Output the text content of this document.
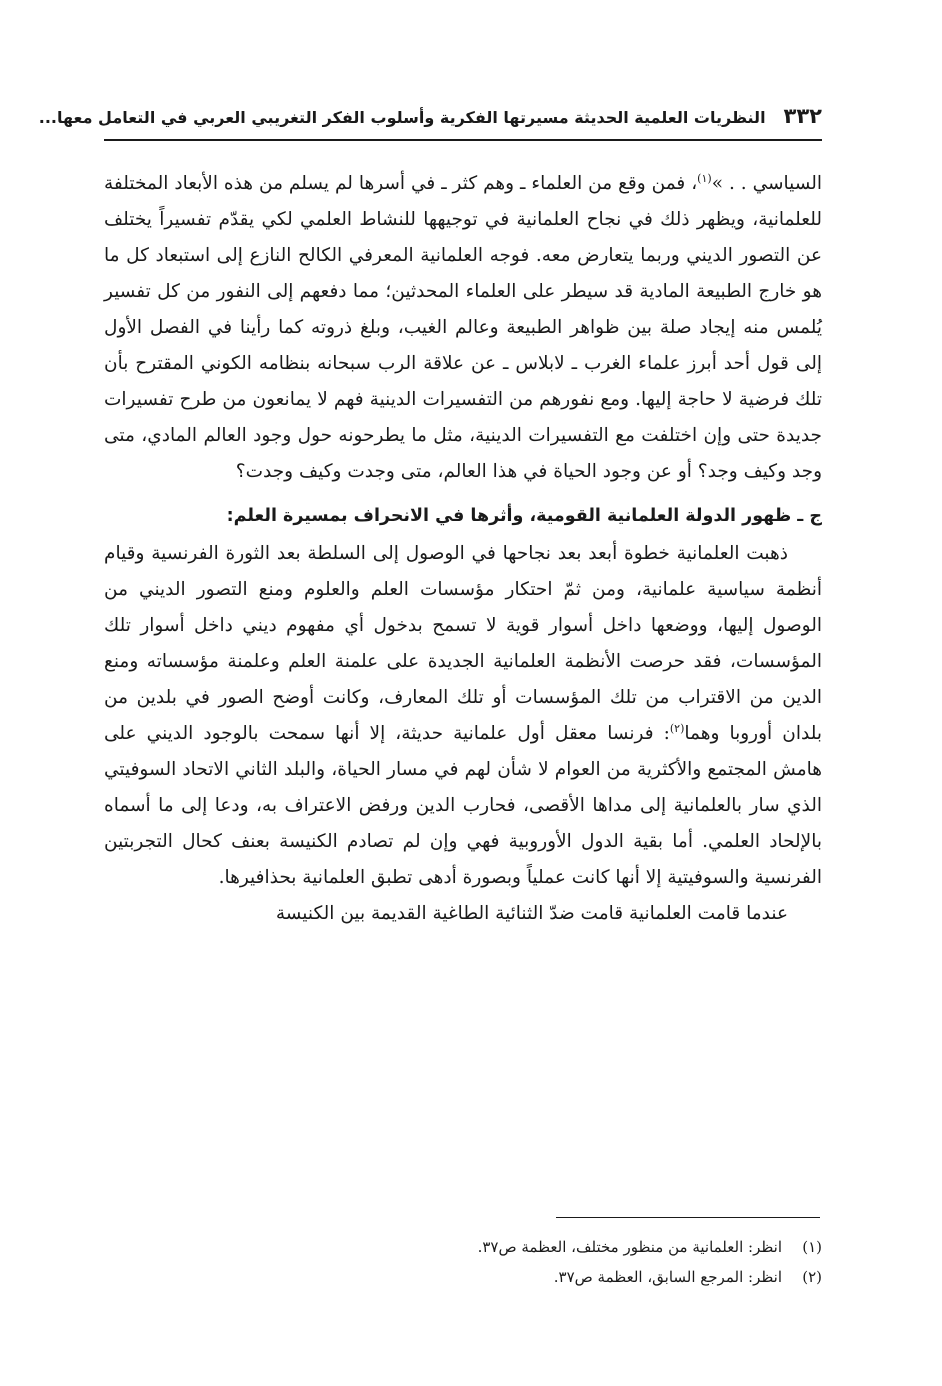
٣٣٢
النظريات العلمية الحديثة مسيرتها الفكرية وأسلوب الفكر التغريبي العربي في التعامل معها...

السياسي . . »$^{(١)}$، فمن وقع من العلماء ـ وهم كثر ـ في أسرها لم يسلم من هذه الأبعاد المختلفة للعلمانية، ويظهر ذلك في نجاح العلمانية في توجيهها للنشاط العلمي لكي يقدّم تفسيراً يختلف عن التصور الديني وربما يتعارض معه. فوجه العلمانية المعرفي الكالح النازع إلى استبعاد كل ما هو خارج الطبيعة المادية قد سيطر على العلماء المحدثين؛ مما دفعهم إلى النفور من كل تفسير يُلمس منه إيجاد صلة بين ظواهر الطبيعة وعالم الغيب، وبلغ ذروته كما رأينا في الفصل الأول إلى قول أحد أبرز علماء الغرب ـ لابلاس ـ عن علاقة الرب سبحانه بنظامه الكوني المقترح بأن تلك فرضية لا حاجة إليها. ومع نفورهم من التفسيرات الدينية فهم لا يمانعون من طرح تفسيرات جديدة حتى وإن اختلفت مع التفسيرات الدينية، مثل ما يطرحونه حول وجود العالم المادي، متى وجد وكيف وجد؟ أو عن وجود الحياة في هذا العالم، متى وجدت وكيف وجدت؟

ج ـ ظهور الدولة العلمانية القومية، وأثرها في الانحراف بمسيرة العلم:

ذهبت العلمانية خطوة أبعد بعد نجاحها في الوصول إلى السلطة بعد الثورة الفرنسية وقيام أنظمة سياسية علمانية، ومن ثمّ احتكار مؤسسات العلم والعلوم ومنع التصور الديني من الوصول إليها، ووضعها داخل أسوار قوية لا تسمح بدخول أي مفهوم ديني داخل أسوار تلك المؤسسات، فقد حرصت الأنظمة العلمانية الجديدة على علمنة العلم وعلمنة مؤسساته ومنع الدين من الاقتراب من تلك المؤسسات أو تلك المعارف، وكانت أوضح الصور في بلدين من بلدان أوروبا وهما$^{(٢)}$: فرنسا معقل أول علمانية حديثة، إلا أنها سمحت بالوجود الديني على هامش المجتمع والأكثرية من العوام لا شأن لهم في مسار الحياة، والبلد الثاني الاتحاد السوفيتي الذي سار بالعلمانية إلى مداها الأقصى، فحارب الدين ورفض الاعتراف به، ودعا إلى ما أسماه بالإلحاد العلمي. أما بقية الدول الأوروبية فهي وإن لم تصادم الكنيسة بعنف كحال التجربتين الفرنسية والسوفيتية إلا أنها كانت عملياً وبصورة أدهى تطبق العلمانية بحذافيرها.

عندما قامت العلمانية قامت ضدّ الثنائية الطاغية القديمة بين الكنيسة

(١)
انظر: العلمانية من منظور مختلف، العظمة ص٣٧.
(٢)
انظر: المرجع السابق، العظمة ص٣٧.
